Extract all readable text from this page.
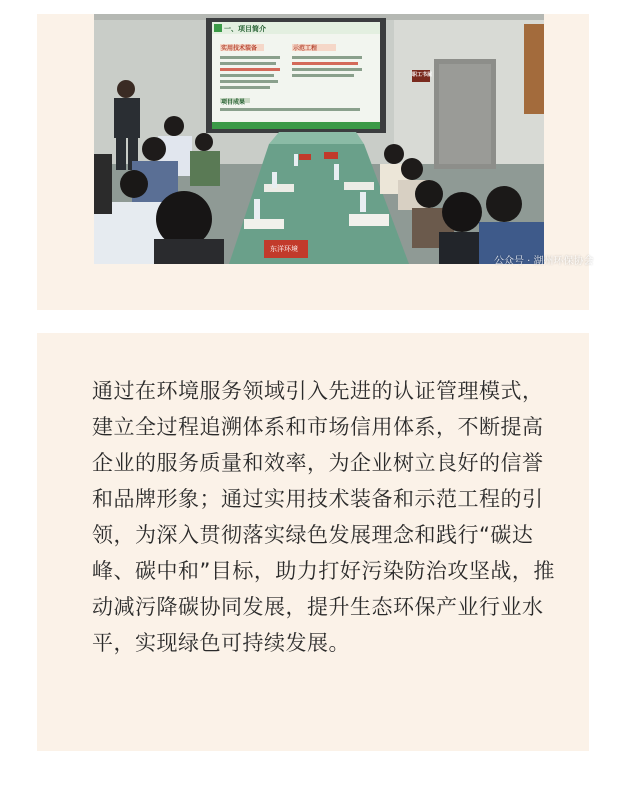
一、项目简介
实用技术装备	示范工程
项目成果
职工书屋
东洋环境
公众号 · 湖州环保协会

通过在环境服务领域引入先进的认证管理模式，建立全过程追溯体系和市场信用体系，不断提高企业的服务质量和效率，为企业树立良好的信誉和品牌形象；通过实用技术装备和示范工程的引领，为深入贯彻落实绿色发展理念和践行“碳达峰、碳中和”目标，助力打好污染防治攻坚战，推动减污降碳协同发展，提升生态环保产业行业水平，实现绿色可持续发展。
